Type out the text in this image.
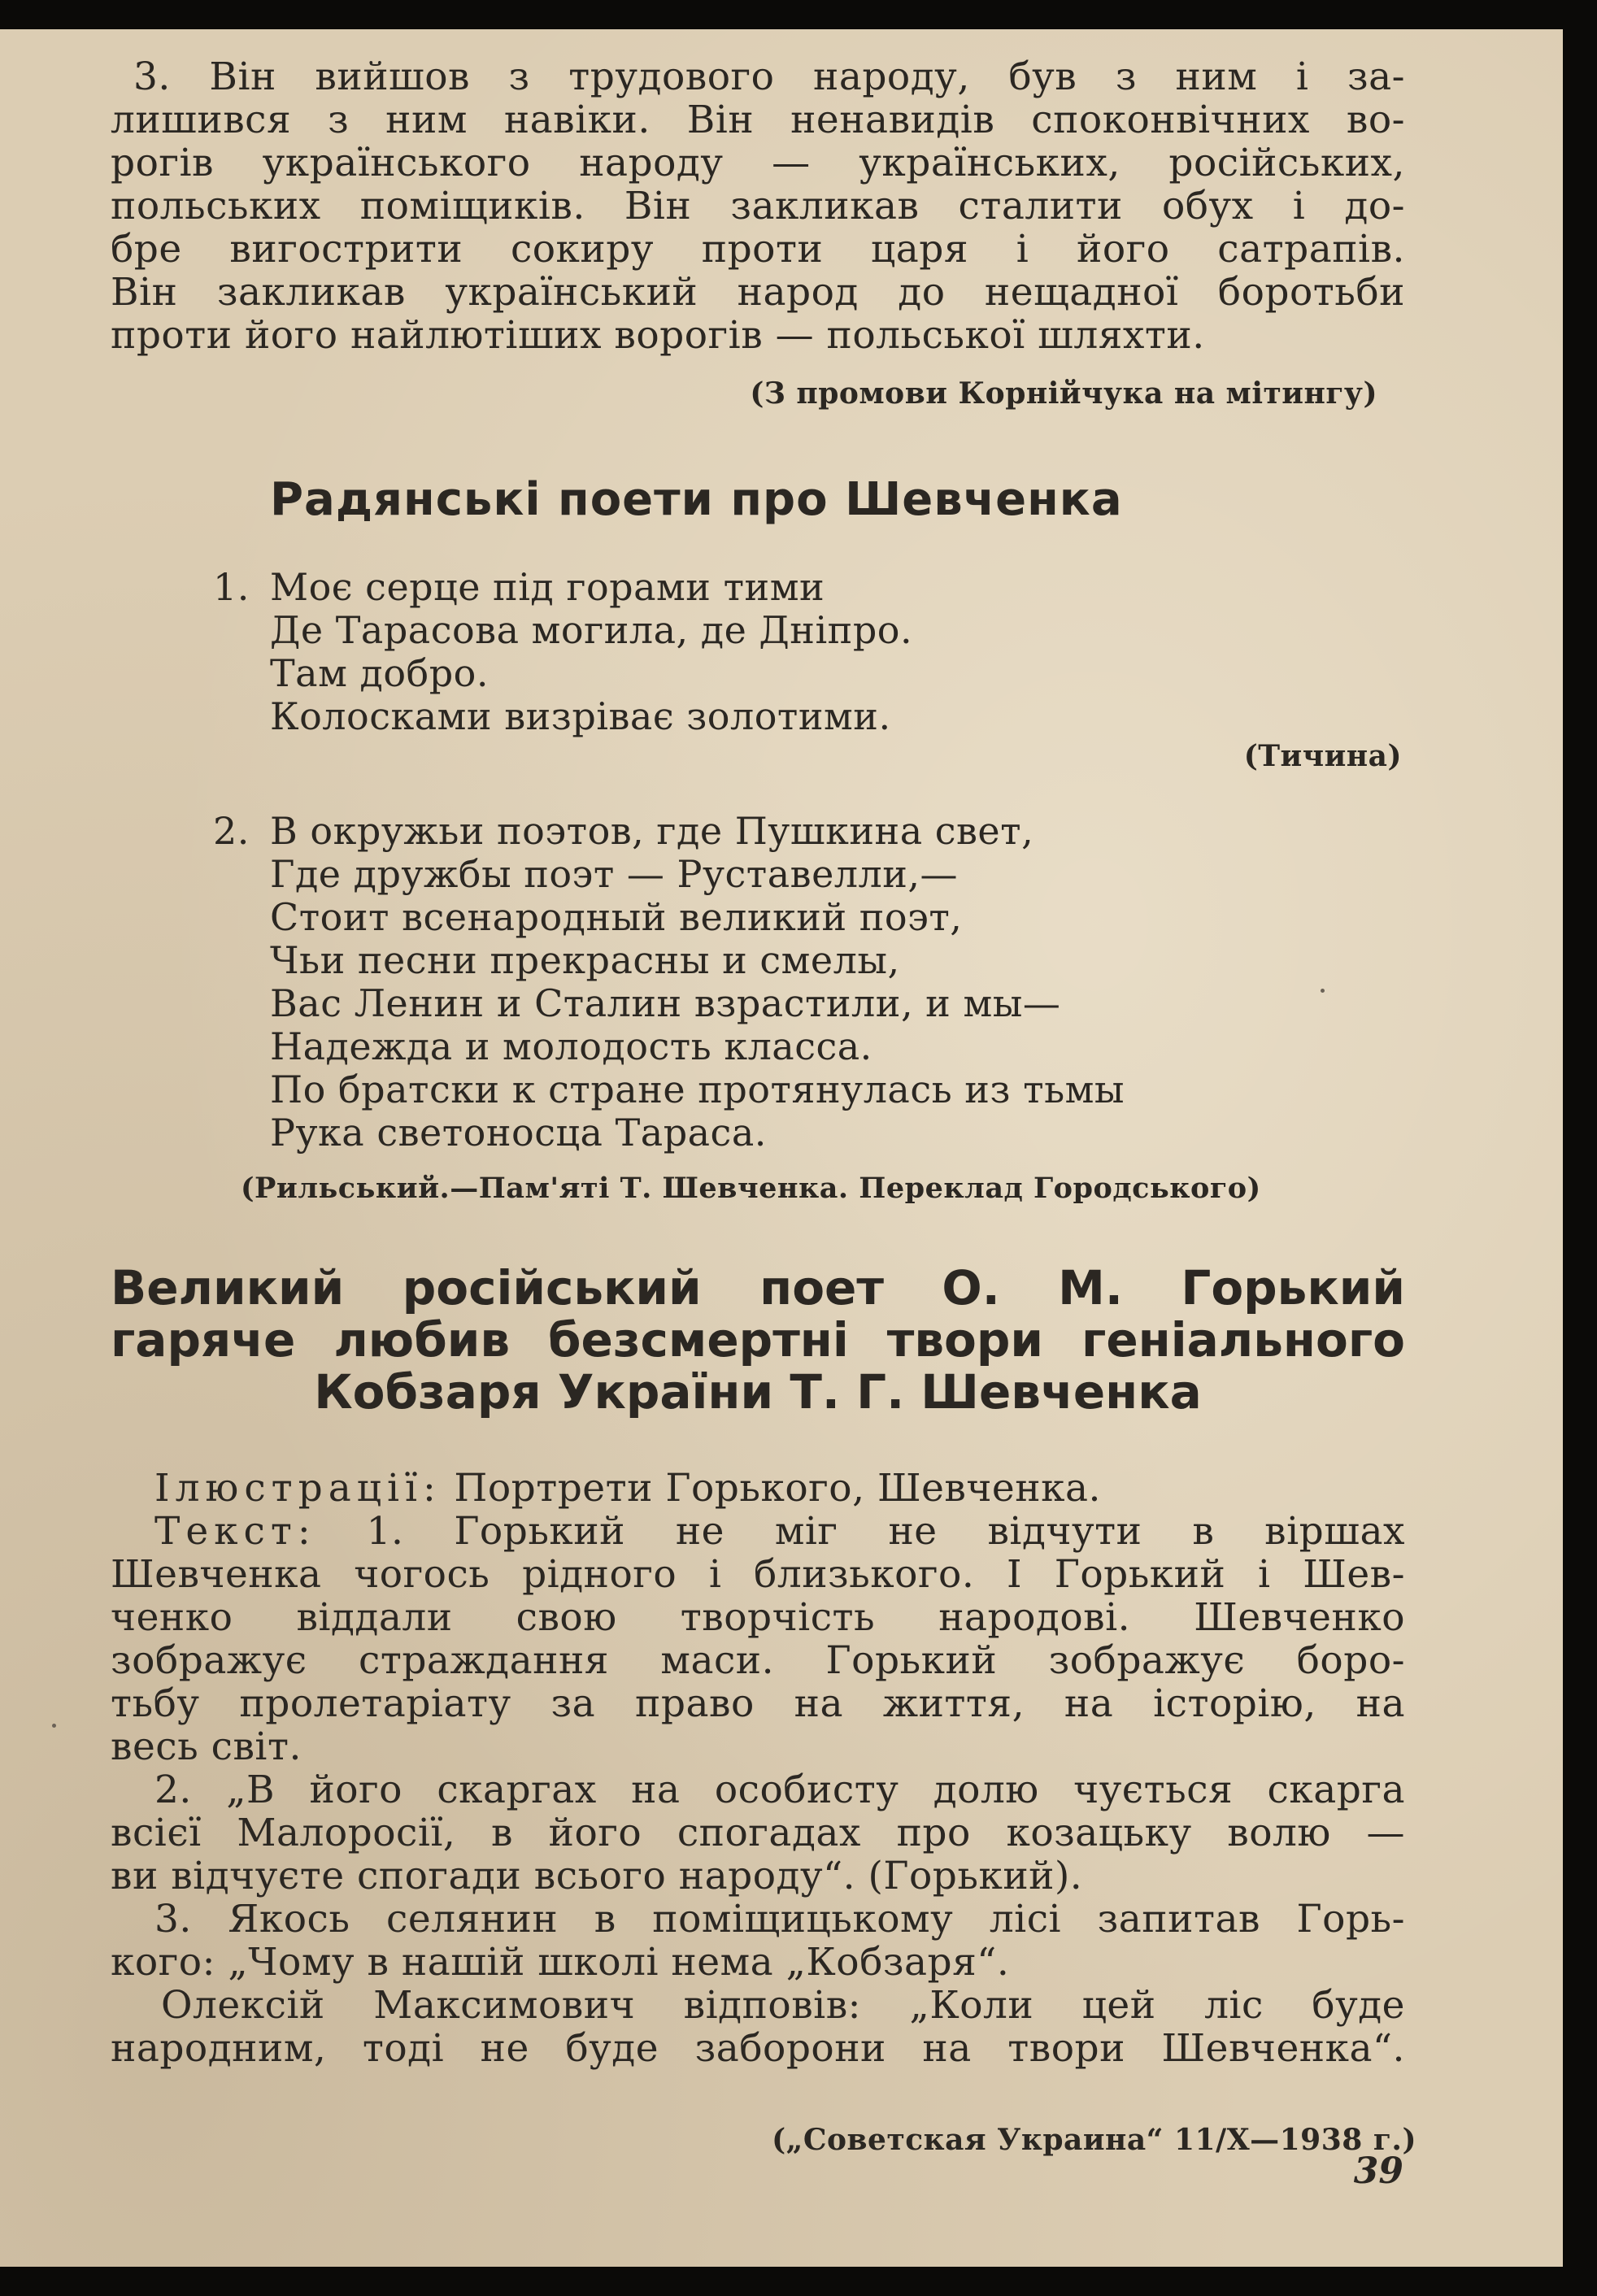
3. Він вийшов з трудового народу, був з ним і за-
лишився з ним навіки. Він ненавидів споконвічних во-
рогів українського народу — українських, російських,
польських поміщиків. Він закликав сталити обух і до-
бре вигострити сокиру проти царя і його сатрапів.
Він закликав український народ до нещадної боротьби
проти його найлютіших ворогів — польської шляхти.
(З промови Корнійчука на мітингу)
Радянські поети про Шевченка
1. Моє серце під горами тими
Де Тарасова могила, де Дніпро.
Там добро.
Колосками визріває золотими.
(Тичина)
2. В окружьи поэтов, где Пушкина свет,
Где дружбы поэт — Руставелли,—
Стоит всенародный великий поэт,
Чьи песни прекрасны и смелы,
Вас Ленин и Сталин взрастили, и мы—
Надежда и молодость класса.
По братски к стране протянулась из тьмы
Рука светоносца Тараса.
(Рильський.—Пам'яті Т. Шевченка. Переклад Городського)
Великий російський поет О. М. Горький
гаряче любив безсмертні твори геніального
Кобзаря України Т. Г. Шевченка
Ілюстрації: Портрети Горького, Шевченка.
Текст: 1. Горький не міг не відчути в віршах
Шевченка чогось рідного і близького. І Горький і Шев-
ченко віддали свою творчість народові. Шевченко
зображує страждання маси. Горький зображує боро-
тьбу пролетаріату за право на життя, на історію, на
весь світ.
2. „В його скаргах на особисту долю чується скарга
всієї Малоросії, в його спогадах про козацьку волю —
ви відчуєте спогади всього народу“. (Горький).
3. Якось селянин в поміщицькому лісі запитав Горь-
кого: „Чому в нашій школі нема „Кобзаря“.
Олексій Максимович відповів: „Коли цей ліс буде
народним, тоді не буде заборони на твори Шевченка“.
(„Советская Украина“ 11/Х—1938 г.)
39
